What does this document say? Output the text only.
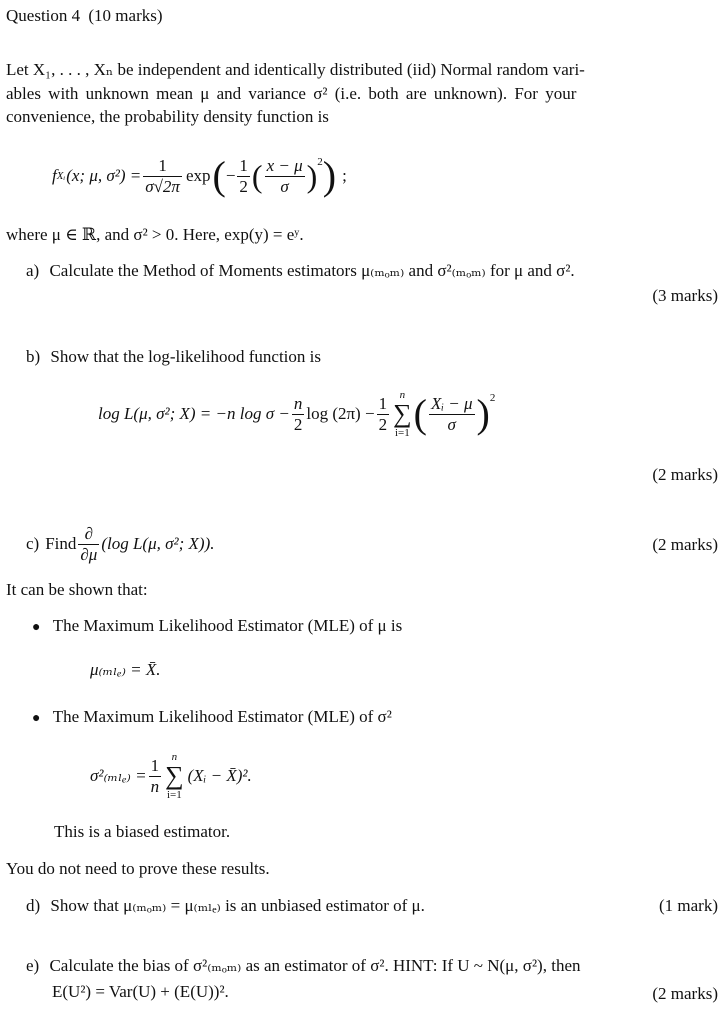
Question 4 (10 marks)
Let X₁, . . . , Xₙ be independent and identically distributed (iid) Normal random vari-
ables with unknown mean μ and variance σ² (i.e. both are unknown). For your
convenience, the probability density function is
f Xᵢ (x; μ, $\sigma^2) = \frac{1}{\sigma√2\pi}$ exp ( − $\frac{1}{2}$ ( $\frac{x - \mu}{\sigma} )^2$ ) ;
where μ ∈ ℝ, and σ² > 0. Here, exp(y) = eʸ.
a) Calculate the Method of Moments estimators μ₍ₘₒₘ₎ and σ²₍ₘₒₘ₎ for μ and σ².
(3 marks)
b) Show that the log-likelihood function is
log L(μ, σ²; X) = −n $\log \sigma - \frac{n}{2}$ $\log (2\pi) - \frac{1}{2}$ n
∑
i=1 ( $\frac{\text{Xᵢ − μ}}{\sigma} )^2$
(2 marks)
c) Find $\frac{\partial}{\partial\mu} (\log$ L(μ, σ²; X)).	(2 marks)
It can be shown that:
● The Maximum Likelihood Estimator (MLE) of μ is
μ₍ₘₗₑ₎ = X̄.
● The Maximum Likelihood Estimator (MLE) of σ²
$\sigma^2_{(mle)} = \frac{1}{n}$ n
∑
i=1
(Xᵢ − X̄)².
This is a biased estimator.
You do not need to prove these results.
d) Show that μ₍ₘₒₘ₎ = μ₍ₘₗₑ₎ is an unbiased estimator of μ.	(1 mark)
e) Calculate the bias of σ²₍ₘₒₘ₎ as an estimator of σ². HINT: If U ~ N(μ, σ²), then
E(U²) = Var(U) + (E(U))².	(2 marks)
